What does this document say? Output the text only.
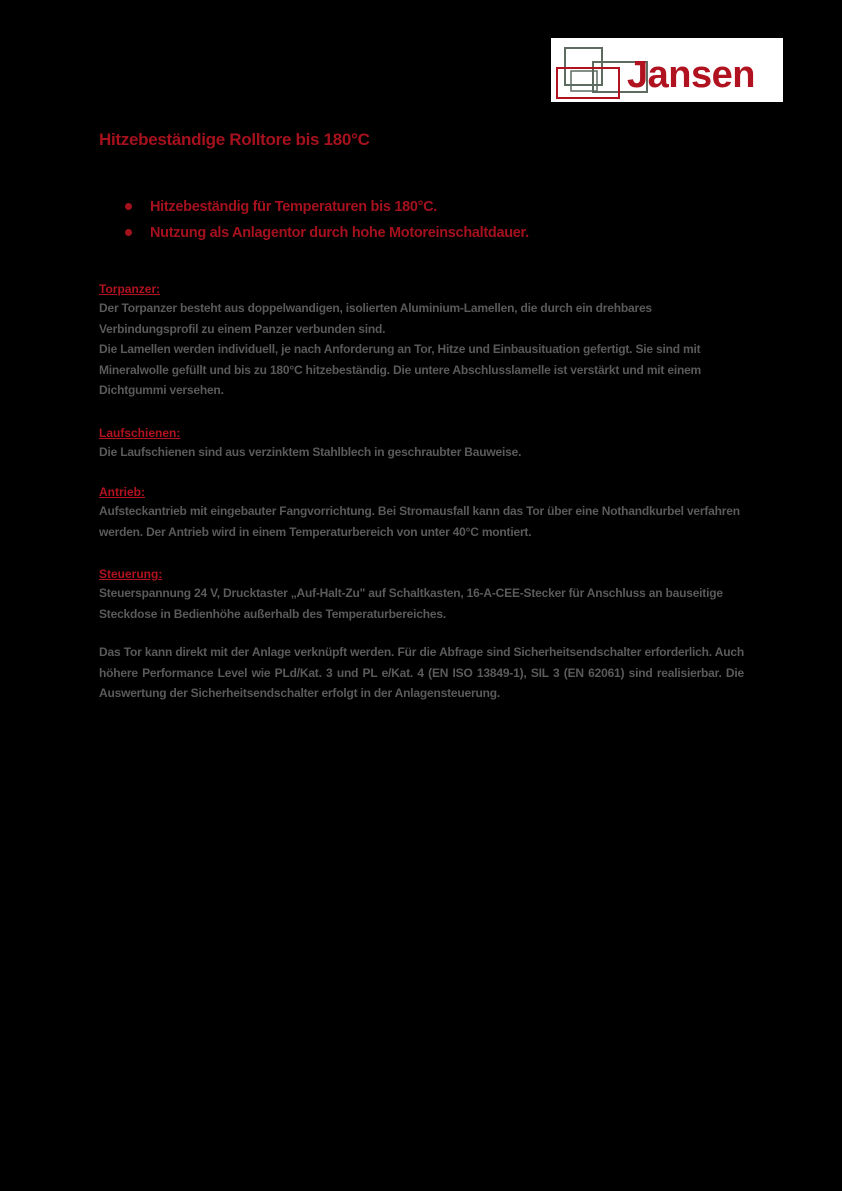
Jansen
Hitzebeständige Rolltore bis 180°C
Hitzebeständig für Temperaturen bis 180°C.
Nutzung als Anlagentor durch hohe Motoreinschaltdauer.
Torpanzer:

Der Torpanzer besteht aus doppelwandigen, isolierten Aluminium-Lamellen, die durch ein drehbares Verbindungsprofil zu einem Panzer verbunden sind.

Die Lamellen werden individuell, je nach Anforderung an Tor, Hitze und Einbausituation gefertigt. Sie sind mit Mineralwolle gefüllt und bis zu 180°C hitzebeständig. Die untere Abschlusslamelle ist verstärkt und mit einem Dichtgummi versehen.

Laufschienen:

Die Laufschienen sind aus verzinktem Stahlblech in geschraubter Bauweise.

Antrieb:

Aufsteckantrieb mit eingebauter Fangvorrichtung. Bei Stromausfall kann das Tor über eine Nothandkurbel verfahren werden. Der Antrieb wird in einem Temperaturbereich von unter 40°C montiert.

Steuerung:

Steuerspannung 24 V, Drucktaster „Auf-Halt-Zu" auf Schaltkasten, 16-A-CEE-Stecker für Anschluss an bauseitige Steckdose in Bedienhöhe außerhalb des Temperaturbereiches.

Das Tor kann direkt mit der Anlage verknüpft werden. Für die Abfrage sind Sicherheitsendschalter erforderlich. Auch höhere Performance Level wie PLd/Kat. 3 und PL e/Kat. 4 (EN ISO 13849-1), SIL 3 (EN 62061) sind realisierbar. Die Auswertung der Sicherheitsendschalter erfolgt in der Anlagensteuerung.
